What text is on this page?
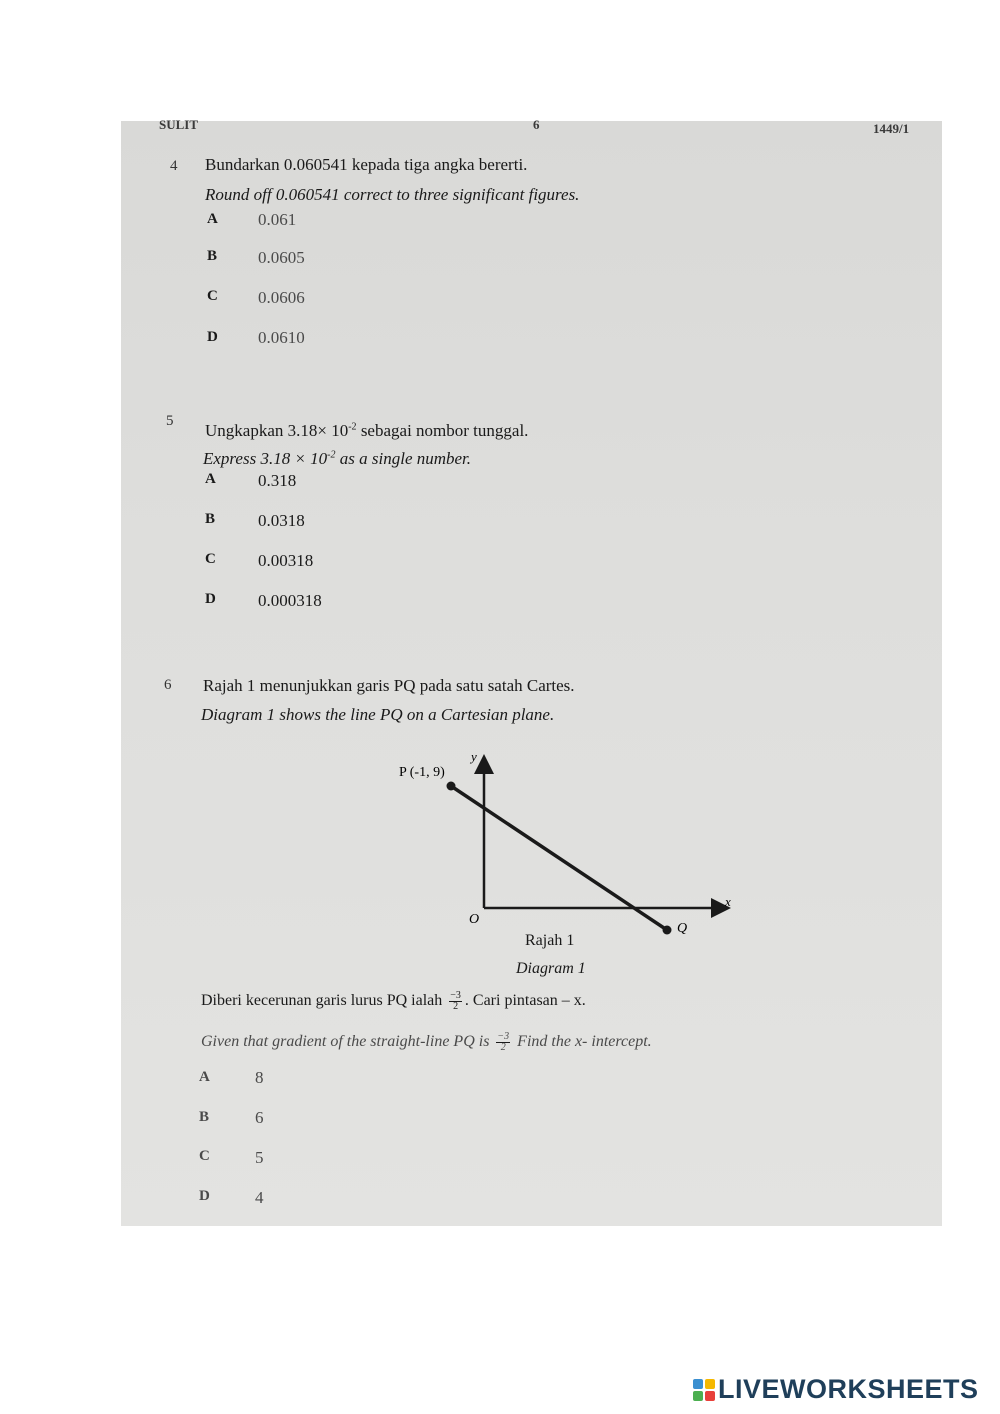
SULIT	6	1449/1
4 Bundarkan 0.060541 kepada tiga angka bererti.
Round off 0.060541 correct to three significant figures.
A 0.061
B 0.0605
C 0.0606
D 0.0610
5 Ungkapkan $3.18\times 10^{-2}$ sebagai nombor tunggal.
Express $3.18 \times 10^{-2}$ as a single number.
A 0.318
B	0.0318
C 0.00318
D 0.000318
6 Rajah 1 menunjukkan garis PQ pada satu satah Cartes.
Diagram 1 shows the line PQ on a Cartesian plane.
P (-1, 9)
Q
O
x
y
Rajah 1
Diagram 1
Diberi kecerunan garis lurus PQ ialah $\frac{-3}{2}$ . Cari pintasan – x.
Given that gradient of the straight-line PQ is $\frac{-3}{2}$ Find the x- intercept.
A	8
B	6
C	5
D	4
LIVEWORKSHEETS
